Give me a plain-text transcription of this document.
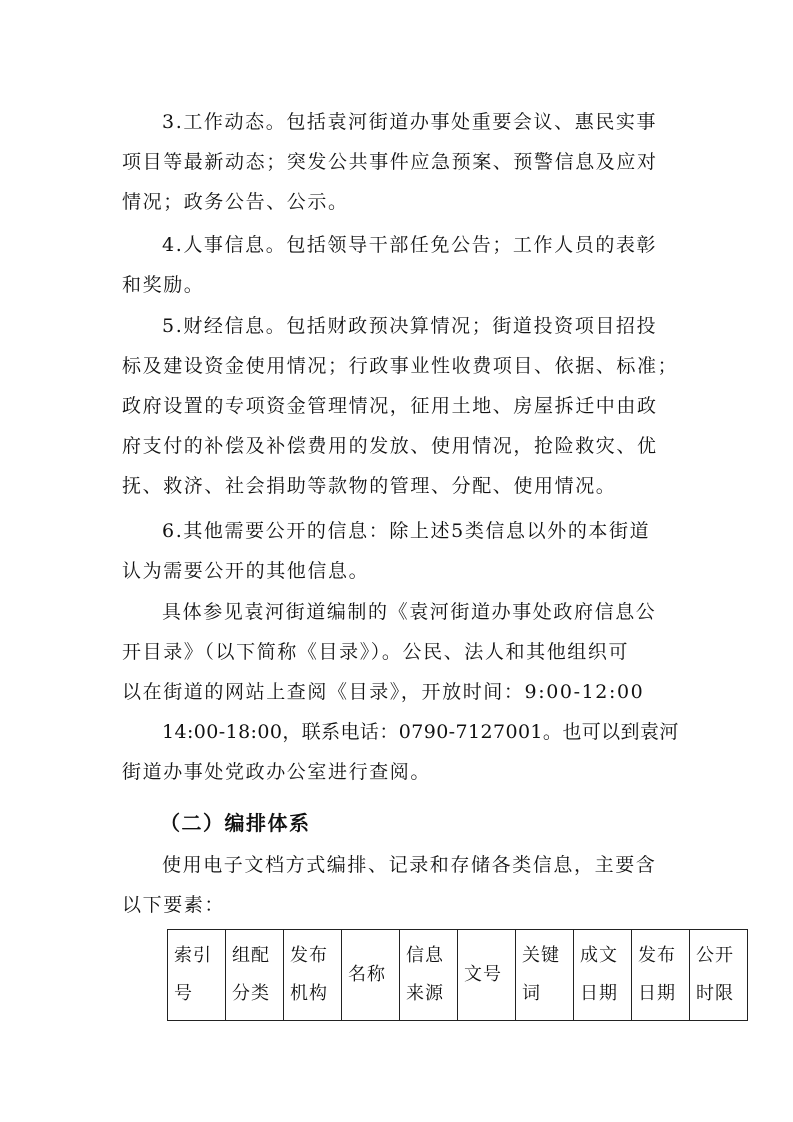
3.工作动态。包括袁河街道办事处重要会议、惠民实事
项目等最新动态；突发公共事件应急预案、预警信息及应对
情况；政务公告、公示。
4.人事信息。包括领导干部任免公告；工作人员的表彰
和奖励。
5.财经信息。包括财政预决算情况；街道投资项目招投
标及建设资金使用情况；行政事业性收费项目、依据、标准；
政府设置的专项资金管理情况，征用土地、房屋拆迁中由政
府支付的补偿及补偿费用的发放、使用情况，抢险救灾、优
抚、救济、社会捐助等款物的管理、分配、使用情况。
6.其他需要公开的信息：除上述5类信息以外的本街道
认为需要公开的其他信息。
具体参见袁河街道编制的《袁河街道办事处政府信息公
开目录》（以下简称《目录》）。公民、法人和其他组织可
以在街道的网站上查阅《目录》，开放时间：9:00-12:00
14:00-18:00，联系电话：0790-7127001。也可以到袁河
街道办事处党政办公室进行查阅。
（二）编排体系
使用电子文档方式编排、记录和存储各类信息，主要含
以下要素：
索引
号

组配
分类

发布
机构

名称

信息
来源

文号

关键
词

成文
日期

发布
日期

公开
时限
